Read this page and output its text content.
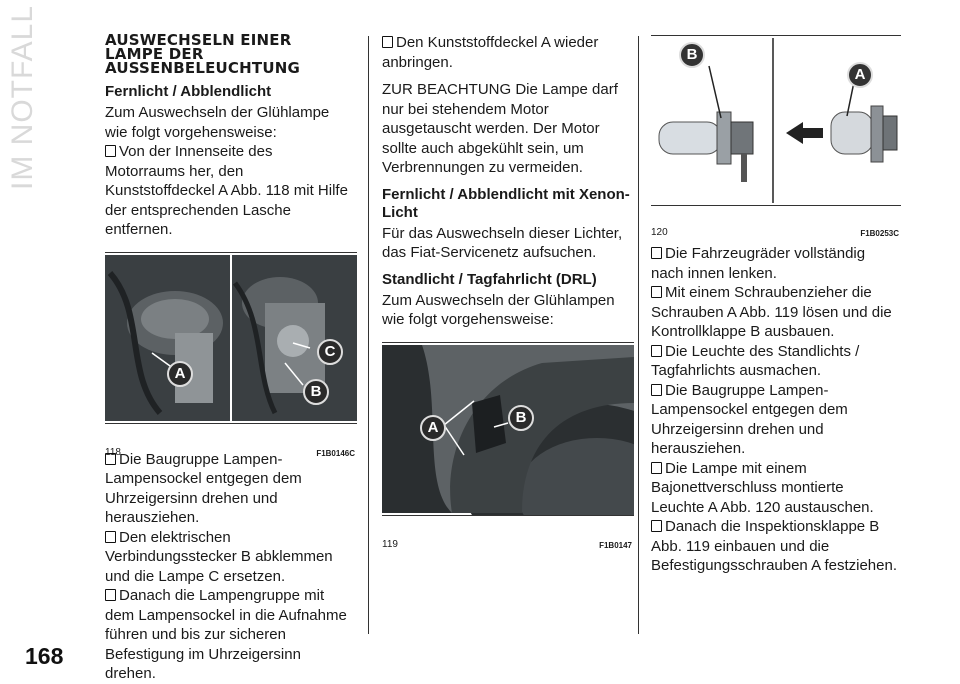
IM NOTFALL
168
AUSWECHSELN EINER LAMPE DER AUSSENBELEUCHTUNG
Fernlicht / Abblendlicht

Zum Auswechseln der Glühlampe wie folgt vorgehensweise:

Von der Innenseite des Motorraums her, den Kunststoffdeckel A Abb. 118 mit Hilfe der entsprechenden Lasche entfernen.

A
C
B
118	F1B0146C

Die Baugruppe Lampen-Lampensockel entgegen dem Uhrzeigersinn drehen und herausziehen.

Den elektrischen Verbindungsstecker B abklemmen und die Lampe C ersetzen.

Danach die Lampengruppe mit dem Lampensockel in die Aufnahme führen und bis zur sicheren Befestigung im Uhrzeigersinn drehen.

Den Kunststoffdeckel A wieder anbringen.

ZUR BEACHTUNG Die Lampe darf nur bei stehendem Motor ausgetauscht werden. Der Motor sollte auch abgekühlt sein, um Verbrennungen zu vermeiden.

Fernlicht / Abblendlicht mit Xenon-Licht

Für das Auswechseln dieser Lichter, das Fiat-Servicenetz aufsuchen.

Standlicht / Tagfahrlicht (DRL)

Zum Auswechseln der Glühlampen wie folgt vorgehensweise:

A
B
119	F1B0147
B
A
120	F1B0253C

Die Fahrzeugräder vollständig nach innen lenken.

Mit einem Schraubenzieher die Schrauben A Abb. 119 lösen und die Kontrollklappe B ausbauen.

Die Leuchte des Standlichts / Tagfahrlichts ausmachen.

Die Baugruppe Lampen-Lampensockel entgegen dem Uhrzeigersinn drehen und herausziehen.

Die Lampe mit einem Bajonettverschluss montierte Leuchte A Abb. 120 austauschen.

Danach die Inspektionsklappe B Abb. 119 einbauen und die Befestigungsschrauben A festziehen.
